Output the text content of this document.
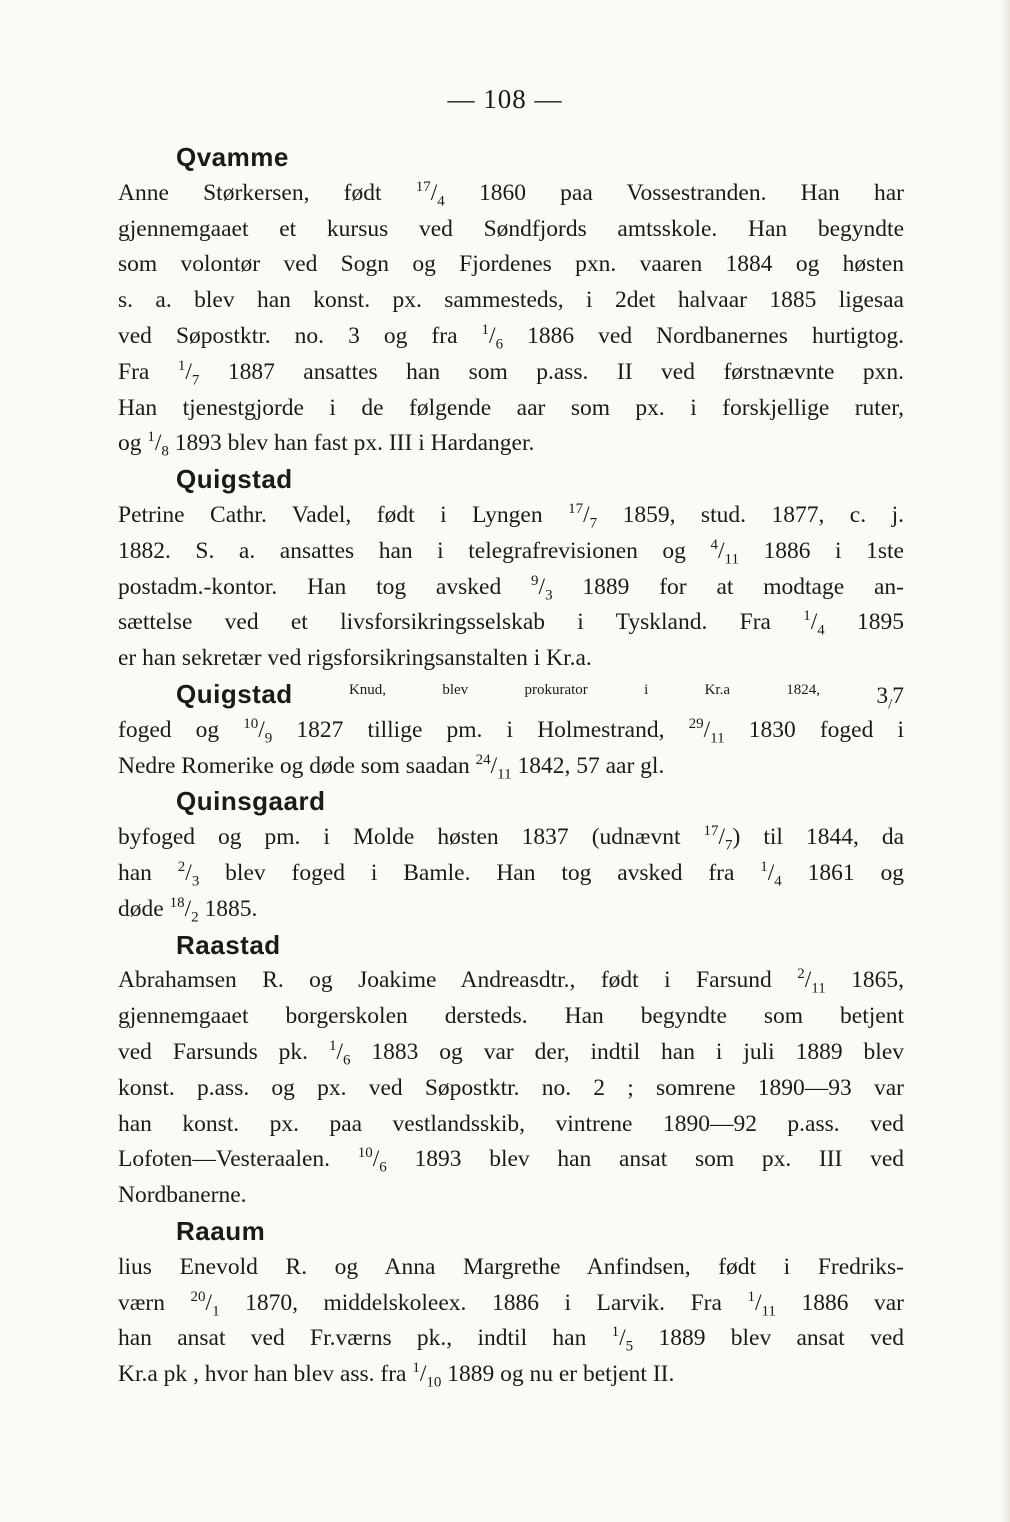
— 108 —
Qvamme
Anne Størkersen, født $^{17}/_4$ 1860 paa Vossestranden. Han har
gjennemgaaet et kursus ved Søndfjords amtsskole. Han begyndte
som volontør ved Sogn og Fjordenes pxn. vaaren 1884 og høsten
s. a. blev han konst. px. sammesteds, i 2det halvaar 1885 ligesaa
ved Søpostktr. no. 3 og fra $^1/_6$ 1886 ved Nordbanernes hurtigtog.
Fra $^1/_7$ 1887 ansattes han som p.ass. II ved førstnævnte pxn.
Han tjenestgjorde i de følgende aar som px. i forskjellige ruter,
og $^1/_8$ 1893 blev han fast px. III i Hardanger.
Quigstad
Petrine Cathr. Vadel, født i Lyngen $^{17}/_7$ 1859, stud. 1877, c. j.
1882. S. a. ansattes han i telegrafrevisionen og $^4/_{11}$ 1886 i 1ste
postadm.-kontor. Han tog avsked $^9/_3$ 1889 for at modtage an-
sættelse ved et livsforsikringsselskab i Tyskland. Fra $^1/_4$ 1895
er han sekretær ved rigsforsikringsanstalten i Kr.a.
Quigstad $^{Knud, blev prokurator i Kr.a 1824,}$ $3_/7$
foged og $^{10}/_9$ 1827 tillige pm. i Holmestrand, $^{29}/_{11}$ 1830 foged i
Nedre Romerike og døde som saadan $^{24}/_{11}$ 1842, 57 aar gl.
Quinsgaard
byfoged og pm. i Molde høsten 1837 (udnævnt $^{17}/_7$) til 1844, da
han $^2/_3$ blev foged i Bamle. Han tog avsked fra $^1/_4$ 1861 og
døde $^{18}/_2$ 1885.
Raastad
Abrahamsen R. og Joakime Andreasdtr., født i Farsund $^2/_{11}$ 1865,
gjennemgaaet borgerskolen dersteds. Han begyndte som betjent
ved Farsunds pk. $^1/_6$ 1883 og var der, indtil han i juli 1889 blev
konst. p.ass. og px. ved Søpostktr. no. 2 ; somrene 1890—93 var
han konst. px. paa vestlandsskib, vintrene 1890—92 p.ass. ved
Lofoten—Vesteraalen. $^{10}/_6$ 1893 blev han ansat som px. III ved
Nordbanerne.
Raaum
lius Enevold R. og Anna Margrethe Anfindsen, født i Fredriks-
værn $^{20}/_1$ 1870, middelskoleex. 1886 i Larvik. Fra $^1/_{11}$ 1886 var
han ansat ved Fr.værns pk., indtil han $^1/_5$ 1889 blev ansat ved
Kr.a pk , hvor han blev ass. fra $^1/_{10}$ 1889 og nu er betjent II.
